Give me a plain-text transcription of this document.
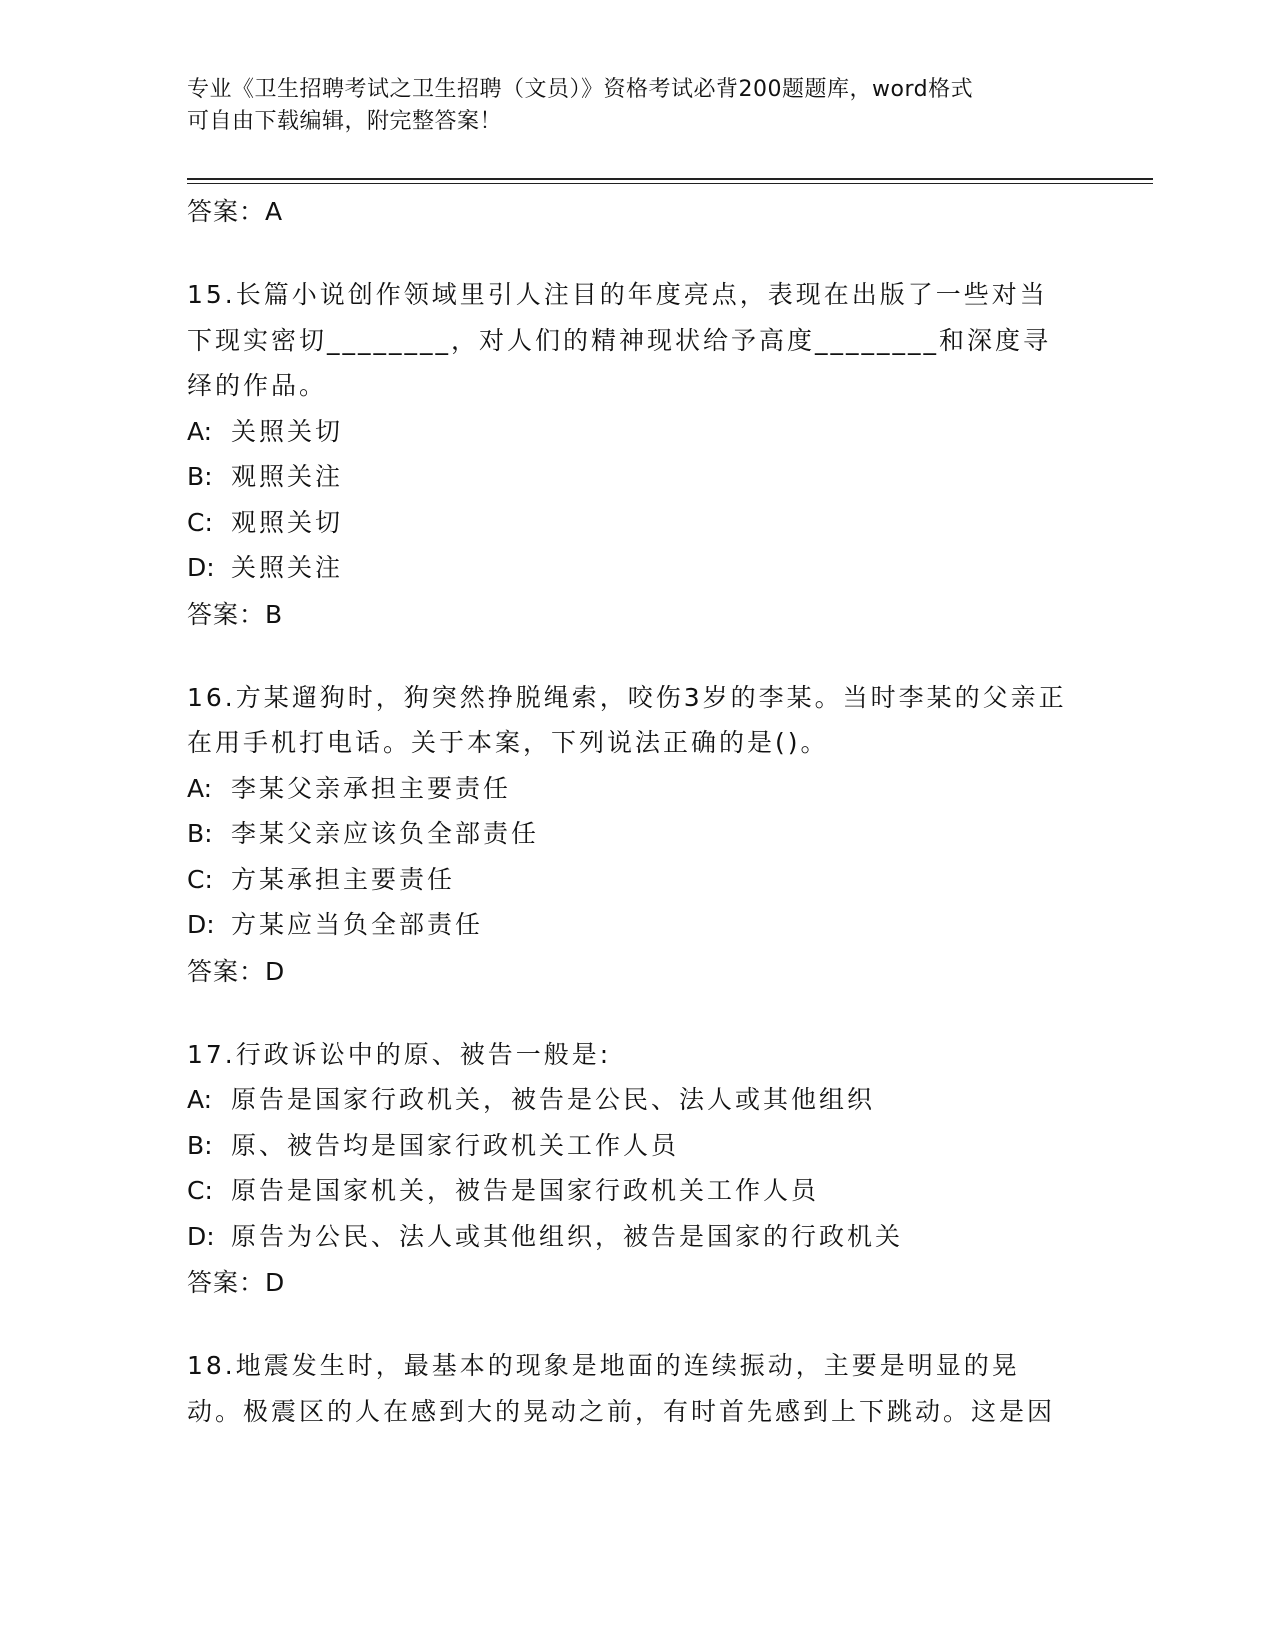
专业《卫生招聘考试之卫生招聘（文员）》资格考试必背200题题库，word格式
可自由下载编辑，附完整答案！
答案：A
15.长篇小说创作领域里引人注目的年度亮点，表现在出版了一些对当下现实密切________，对人们的精神现状给予高度________和深度寻绎的作品。
A: 关照关切
B: 观照关注
C: 观照关切
D: 关照关注
答案：B
16.方某遛狗时，狗突然挣脱绳索，咬伤3岁的李某。当时李某的父亲正在用手机打电话。关于本案，下列说法正确的是()。
A: 李某父亲承担主要责任
B: 李某父亲应该负全部责任
C: 方某承担主要责任
D: 方某应当负全部责任
答案：D
17.行政诉讼中的原、被告一般是:
A: 原告是国家行政机关，被告是公民、法人或其他组织
B: 原、被告均是国家行政机关工作人员
C: 原告是国家机关，被告是国家行政机关工作人员
D: 原告为公民、法人或其他组织，被告是国家的行政机关
答案：D
18.地震发生时，最基本的现象是地面的连续振动，主要是明显的晃动。极震区的人在感到大的晃动之前，有时首先感到上下跳动。这是因
